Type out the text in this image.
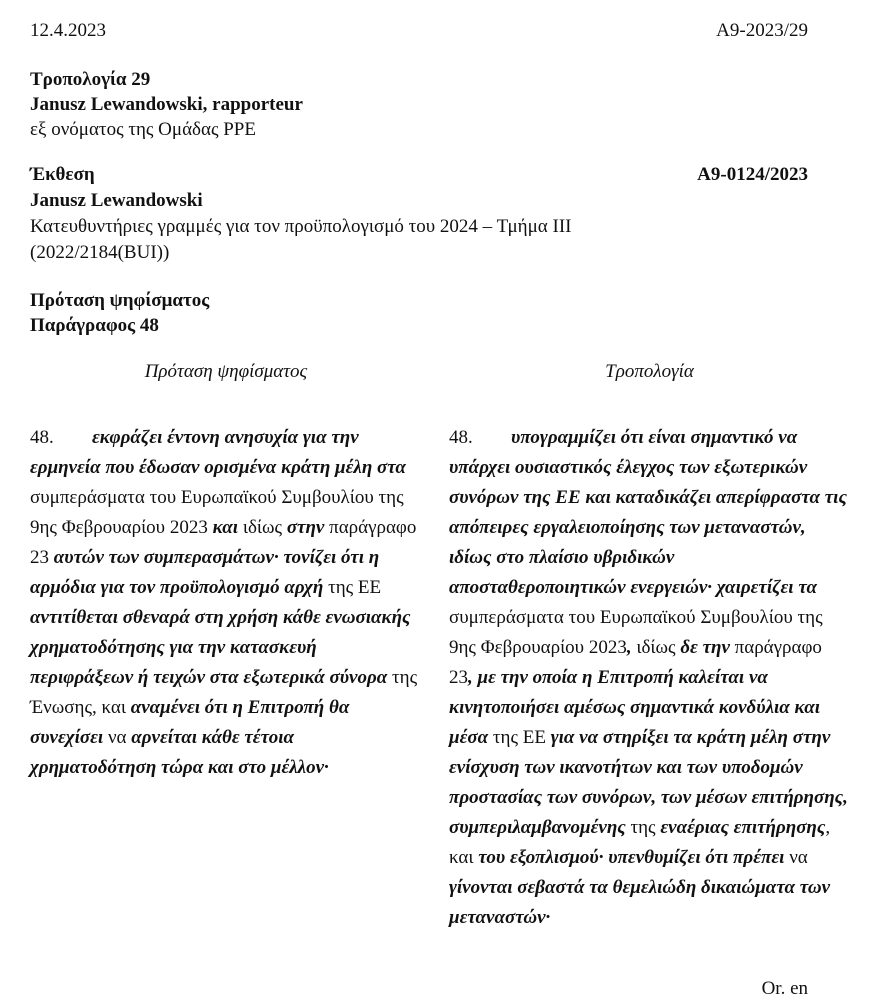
12.4.2023	A9-2023/29
Τροπολογία 29
Janusz Lewandowski, rapporteur
εξ ονόματος της Ομάδας PPE
Έκθεση	A9-0124/2023
Janusz Lewandowski
Κατευθυντήριες γραμμές για τον προϋπολογισμό του 2024 – Τμήμα III
(2022/2184(BUI))
Πρόταση ψηφίσματος
Παράγραφος 48
Πρόταση ψηφίσματος	Τροπολογία

48. εκφράζει έντονη ανησυχία για την ερμηνεία που έδωσαν ορισμένα κράτη μέλη στα συμπεράσματα του Ευρωπαϊκού Συμβουλίου της 9ης Φεβρουαρίου 2023 και ιδίως στην παράγραφο 23 αυτών των συμπερασμάτων· τονίζει ότι η αρμόδια για τον προϋπολογισμό αρχή της ΕΕ αντιτίθεται σθεναρά στη χρήση κάθε ενωσιακής χρηματοδότησης για την κατασκευή περιφράξεων ή τειχών στα εξωτερικά σύνορα της Ένωσης, και αναμένει ότι η Επιτροπή θα συνεχίσει να αρνείται κάθε τέτοια χρηματοδότηση τώρα και στο μέλλον·

48. υπογραμμίζει ότι είναι σημαντικό να υπάρχει ουσιαστικός έλεγχος των εξωτερικών συνόρων της ΕΕ και καταδικάζει απερίφραστα τις απόπειρες εργαλειοποίησης των μεταναστών, ιδίως στο πλαίσιο υβριδικών αποσταθεροποιητικών ενεργειών· χαιρετίζει τα συμπεράσματα του Ευρωπαϊκού Συμβουλίου της 9ης Φεβρουαρίου 2023, ιδίως δε την παράγραφο 23, με την οποία η Επιτροπή καλείται να κινητοποιήσει αμέσως σημαντικά κονδύλια και μέσα της ΕΕ για να στηρίξει τα κράτη μέλη στην ενίσχυση των ικανοτήτων και των υποδομών προστασίας των συνόρων, των μέσων επιτήρησης, συμπεριλαμβανομένης της εναέριας επιτήρησης, και του εξοπλισμού· υπενθυμίζει ότι πρέπει να γίνονται σεβαστά τα θεμελιώδη δικαιώματα των μεταναστών·

Or. en
